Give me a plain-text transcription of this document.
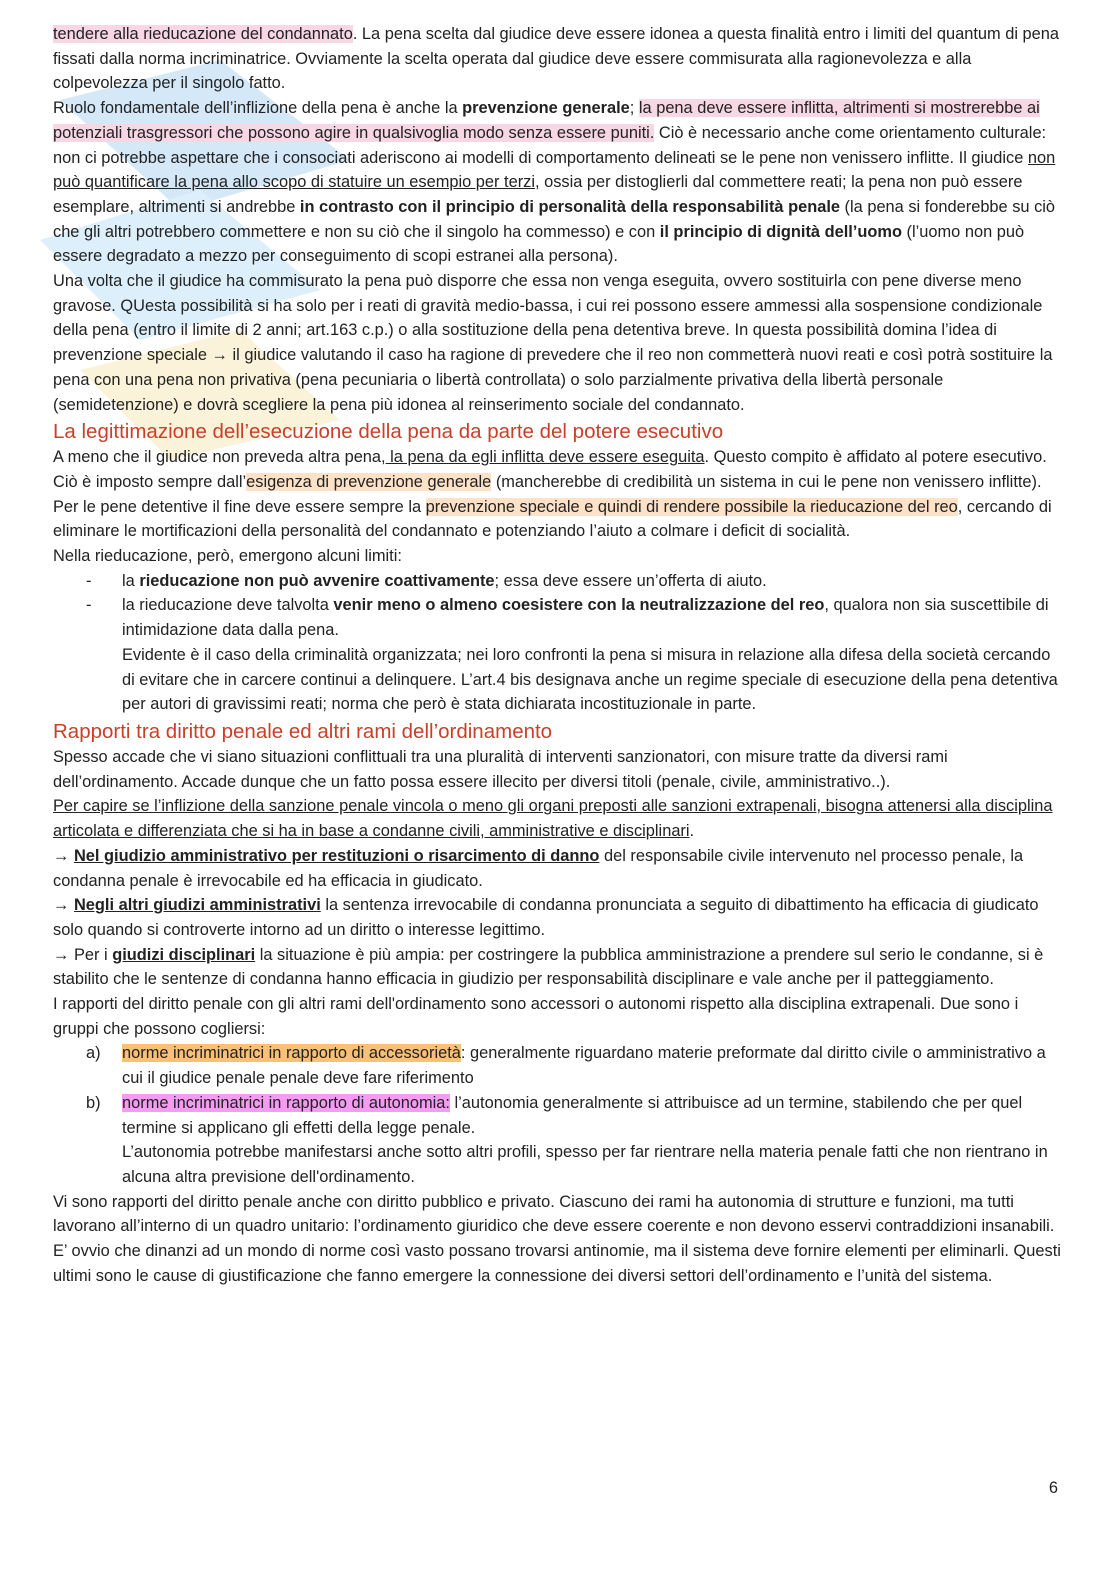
tendere alla rieducazione del condannato. La pena scelta dal giudice deve essere idonea a questa finalità entro i limiti del quantum di pena fissati dalla norma incriminatrice. Ovviamente la scelta operata dal giudice deve essere commisurata alla ragionevolezza e alla colpevolezza per il singolo fatto.

Ruolo fondamentale dell’inflizione della pena è anche la prevenzione generale; la pena deve essere inflitta, altrimenti si mostrerebbe ai potenziali trasgressori che possono agire in qualsivoglia modo senza essere puniti. Ciò è necessario anche come orientamento culturale: non ci potrebbe aspettare che i consociati aderiscono ai modelli di comportamento delineati se le pene non venissero inflitte. Il giudice non può quantificare la pena allo scopo di statuire un esempio per terzi, ossia per distoglierli dal commettere reati; la pena non può essere esemplare, altrimenti si andrebbe in contrasto con il principio di personalità della responsabilità penale (la pena si fonderebbe su ciò che gli altri potrebbero commettere e non su ciò che il singolo ha commesso) e con il principio di dignità dell’uomo (l’uomo non può essere degradato a mezzo per conseguimento di scopi estranei alla persona).

Una volta che il giudice ha commisurato la pena può disporre che essa non venga eseguita, ovvero sostituirla con pene diverse meno gravose. QUesta possibilità si ha solo per i reati di gravità medio-bassa, i cui rei possono essere ammessi alla sospensione condizionale della pena (entro il limite di 2 anni; art.163 c.p.) o alla sostituzione della pena detentiva breve. In questa possibilità domina l’idea di prevenzione speciale → il giudice valutando il caso ha ragione di prevedere che il reo non commetterà nuovi reati e così potrà sostituire la pena con una pena non privativa (pena pecuniaria o libertà controllata) o solo parzialmente privativa della libertà personale (semidetenzione) e dovrà scegliere la pena più idonea al reinserimento sociale del condannato.

La legittimazione dell’esecuzione della pena da parte del potere esecutivo

A meno che il giudice non preveda altra pena, la pena da egli inflitta deve essere eseguita. Questo compito è affidato al potere esecutivo. Ciò è imposto sempre dall’esigenza di prevenzione generale (mancherebbe di credibilità un sistema in cui le pene non venissero inflitte). Per le pene detentive il fine deve essere sempre la prevenzione speciale e quindi di rendere possibile la rieducazione del reo, cercando di eliminare le mortificazioni della personalità del condannato e potenziando l’aiuto a colmare i deficit di socialità.

Nella rieducazione, però, emergono alcuni limiti:

-	la rieducazione non può avvenire coattivamente; essa deve essere un’offerta di aiuto.
-	la rieducazione deve talvolta venir meno o almeno coesistere con la neutralizzazione del reo, qualora non sia suscettibile di intimidazione data dalla pena.

Evidente è il caso della criminalità organizzata; nei loro confronti la pena si misura in relazione alla difesa della società cercando di evitare che in carcere continui a delinquere. L’art.4 bis designava anche un regime speciale di esecuzione della pena detentiva per autori di gravissimi reati; norma che però è stata dichiarata incostituzionale in parte.

Rapporti tra diritto penale ed altri rami dell’ordinamento

Spesso accade che vi siano situazioni conflittuali tra una pluralità di interventi sanzionatori, con misure tratte da diversi rami dell’ordinamento. Accade dunque che un fatto possa essere illecito per diversi titoli (penale, civile, amministrativo..).

Per capire se l’inflizione della sanzione penale vincola o meno gli organi preposti alle sanzioni extrapenali, bisogna attenersi alla disciplina articolata e differenziata che si ha in base a condanne civili, amministrative e disciplinari.

→ Nel giudizio amministrativo per restituzioni o risarcimento di danno del responsabile civile intervenuto nel processo penale, la condanna penale è irrevocabile ed ha efficacia in giudicato.

→ Negli altri giudizi amministrativi la sentenza irrevocabile di condanna pronunciata a seguito di dibattimento ha efficacia di giudicato solo quando si controverte intorno ad un diritto o interesse legittimo.

→ Per i giudizi disciplinari la situazione è più ampia: per costringere la pubblica amministrazione a prendere sul serio le condanne, si è stabilito che le sentenze di condanna hanno efficacia in giudizio per responsabilità disciplinare e vale anche per il patteggiamento.

I rapporti del diritto penale con gli altri rami dell'ordinamento sono accessori o autonomi rispetto alla disciplina extrapenali. Due sono i gruppi che possono cogliersi:

a)	norme incriminatrici in rapporto di accessorietà: generalmente riguardano materie preformate dal diritto civile o amministrativo a cui il giudice penale penale deve fare riferimento
b)	norme incriminatrici in rapporto di autonomia: l’autonomia generalmente si attribuisce ad un termine, stabilendo che per quel termine si applicano gli effetti della legge penale.

L’autonomia potrebbe manifestarsi anche sotto altri profili, spesso per far rientrare nella materia penale fatti che non rientrano in alcuna altra previsione dell'ordinamento.

Vi sono rapporti del diritto penale anche con diritto pubblico e privato. Ciascuno dei rami ha autonomia di strutture e funzioni, ma tutti lavorano all’interno di un quadro unitario: l’ordinamento giuridico che deve essere coerente e non devono esservi contraddizioni insanabili. E’ ovvio che dinanzi ad un mondo di norme così vasto possano trovarsi antinomie, ma il sistema deve fornire elementi per eliminarli. Questi ultimi sono le cause di giustificazione che fanno emergere la connessione dei diversi settori dell’ordinamento e l’unità del sistema.

6
